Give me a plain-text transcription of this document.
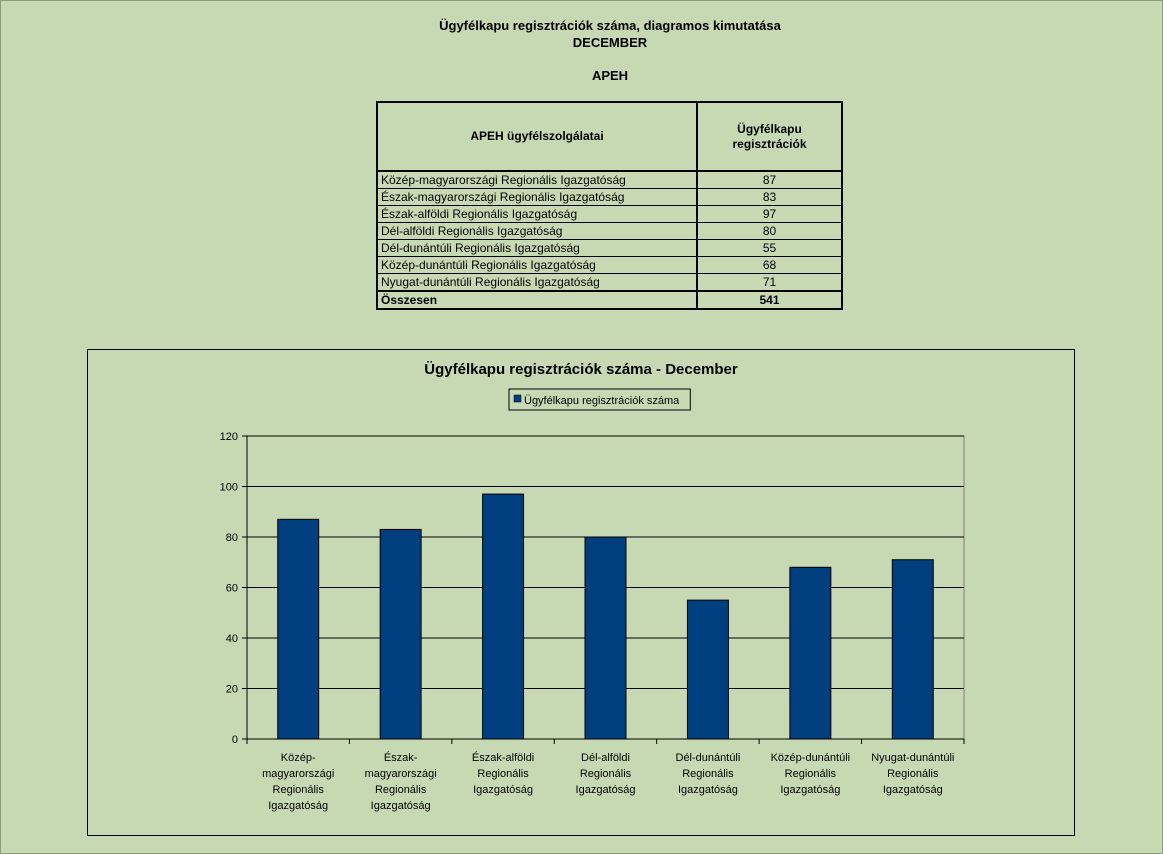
Ügyfélkapu regisztrációk száma, diagramos kimutatása
DECEMBER
APEH
APEH ügyfélszolgálatai	Ügyfélkapu
regisztrációk
Közép-magyarországi Regionális Igazgatóság	87
Észak-magyarországi Regionális Igazgatóság	83
Észak-alföldi Regionális Igazgatóság	97
Dél-alföldi Regionális Igazgatóság	80
Dél-dunántúli Regionális Igazgatóság	55
Közép-dunántúli Regionális Igazgatóság	68
Nyugat-dunántúli Regionális Igazgatóság	71
Összesen	541
Ügyfélkapu regisztrációk száma - December
Ügyfélkapu regisztrációk száma
0
20
40
60
80
100
120
Közép-magyarországi Regionális Igazgatóság
Észak-magyarországi Regionális Igazgatóság
Észak-alföldi Regionális Igazgatóság
Dél-alföldi Regionális Igazgatóság
Dél-dunántúli Regionális Igazgatóság
Közép-dunántúli Regionális Igazgatóság
Nyugat-dunántúli Regionális Igazgatóság
